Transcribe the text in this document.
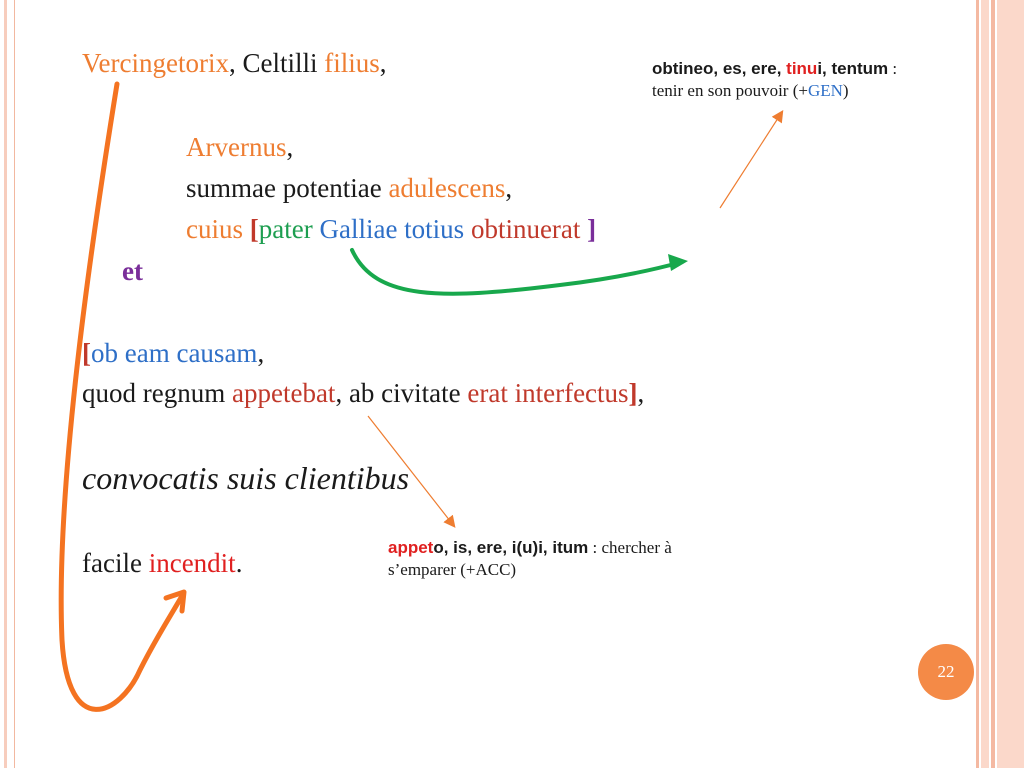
Vercingetorix, Celtilli filius,
Arvernus,
summae potentiae adulescens,
cuius [pater Galliae totius obtinuerat ]
et
[ob eam causam,
quod regnum appetebat, ab civitate erat interfectus],
convocatis suis clientibus
facile incendit.
obtineo, es, ere, tinui, tentum :
tenir en son pouvoir (+GEN)
appeto, is, ere, i(u)i, itum : chercher à
s’emparer (+ACC)
22
